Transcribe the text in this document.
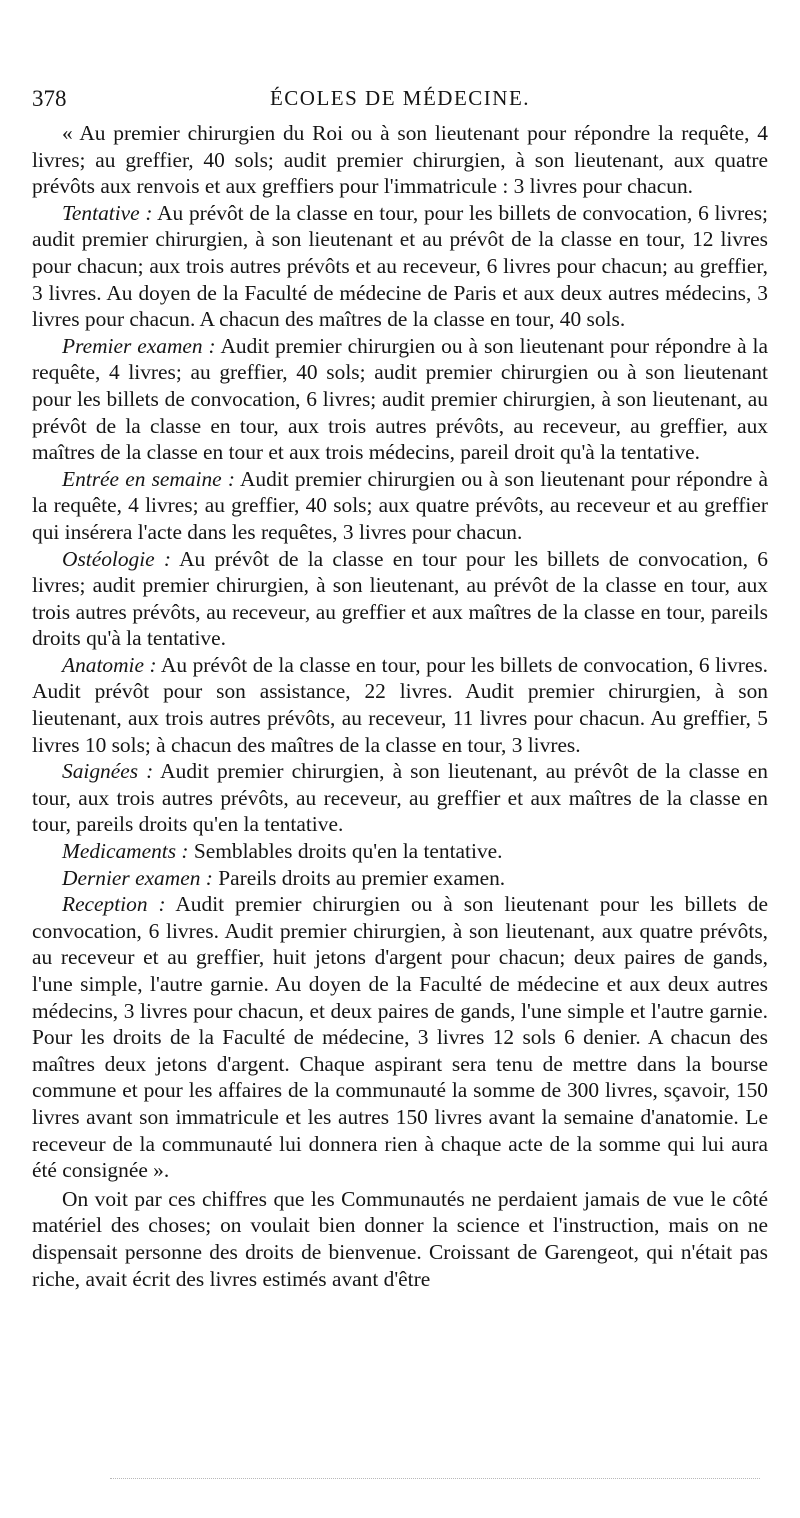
378	ÉCOLES DE MÉDECINE.

« Au premier chirurgien du Roi ou à son lieutenant pour répondre la requête, 4 livres; au greffier, 40 sols; audit premier chirurgien, à son lieutenant, aux quatre prévôts aux renvois et aux greffiers pour l'immatricule : 3 livres pour chacun.

Tentative : Au prévôt de la classe en tour, pour les billets de convocation, 6 livres; audit premier chirurgien, à son lieutenant et au prévôt de la classe en tour, 12 livres pour chacun; aux trois autres prévôts et au receveur, 6 livres pour chacun; au greffier, 3 livres. Au doyen de la Faculté de médecine de Paris et aux deux autres médecins, 3 livres pour chacun. A chacun des maîtres de la classe en tour, 40 sols.

Premier examen : Audit premier chirurgien ou à son lieutenant pour répondre à la requête, 4 livres; au greffier, 40 sols; audit premier chirurgien ou à son lieutenant pour les billets de convocation, 6 livres; audit premier chirurgien, à son lieutenant, au prévôt de la classe en tour, aux trois autres prévôts, au receveur, au greffier, aux maîtres de la classe en tour et aux trois médecins, pareil droit qu'à la tentative.

Entrée en semaine : Audit premier chirurgien ou à son lieutenant pour répondre à la requête, 4 livres; au greffier, 40 sols; aux quatre prévôts, au receveur et au greffier qui insérera l'acte dans les requêtes, 3 livres pour chacun.

Ostéologie : Au prévôt de la classe en tour pour les billets de convocation, 6 livres; audit premier chirurgien, à son lieutenant, au prévôt de la classe en tour, aux trois autres prévôts, au receveur, au greffier et aux maîtres de la classe en tour, pareils droits qu'à la tentative.

Anatomie : Au prévôt de la classe en tour, pour les billets de convocation, 6 livres. Audit prévôt pour son assistance, 22 livres. Audit premier chirurgien, à son lieutenant, aux trois autres prévôts, au receveur, 11 livres pour chacun. Au greffier, 5 livres 10 sols; à chacun des maîtres de la classe en tour, 3 livres.

Saignées : Audit premier chirurgien, à son lieutenant, au prévôt de la classe en tour, aux trois autres prévôts, au receveur, au greffier et aux maîtres de la classe en tour, pareils droits qu'en la tentative.

Medicaments : Semblables droits qu'en la tentative.

Dernier examen : Pareils droits au premier examen.

Reception : Audit premier chirurgien ou à son lieutenant pour les billets de convocation, 6 livres. Audit premier chirurgien, à son lieutenant, aux quatre prévôts, au receveur et au greffier, huit jetons d'argent pour chacun; deux paires de gands, l'une simple, l'autre garnie. Au doyen de la Faculté de médecine et aux deux autres médecins, 3 livres pour chacun, et deux paires de gands, l'une simple et l'autre garnie. Pour les droits de la Faculté de médecine, 3 livres 12 sols 6 denier. A chacun des maîtres deux jetons d'argent. Chaque aspirant sera tenu de mettre dans la bourse commune et pour les affaires de la communauté la somme de 300 livres, sçavoir, 150 livres avant son immatricule et les autres 150 livres avant la semaine d'anatomie. Le receveur de la communauté lui donnera rien à chaque acte de la somme qui lui aura été consignée ».

On voit par ces chiffres que les Communautés ne perdaient jamais de vue le côté matériel des choses; on voulait bien donner la science et l'instruction, mais on ne dispensait personne des droits de bienvenue. Croissant de Garengeot, qui n'était pas riche, avait écrit des livres estimés avant d'être
